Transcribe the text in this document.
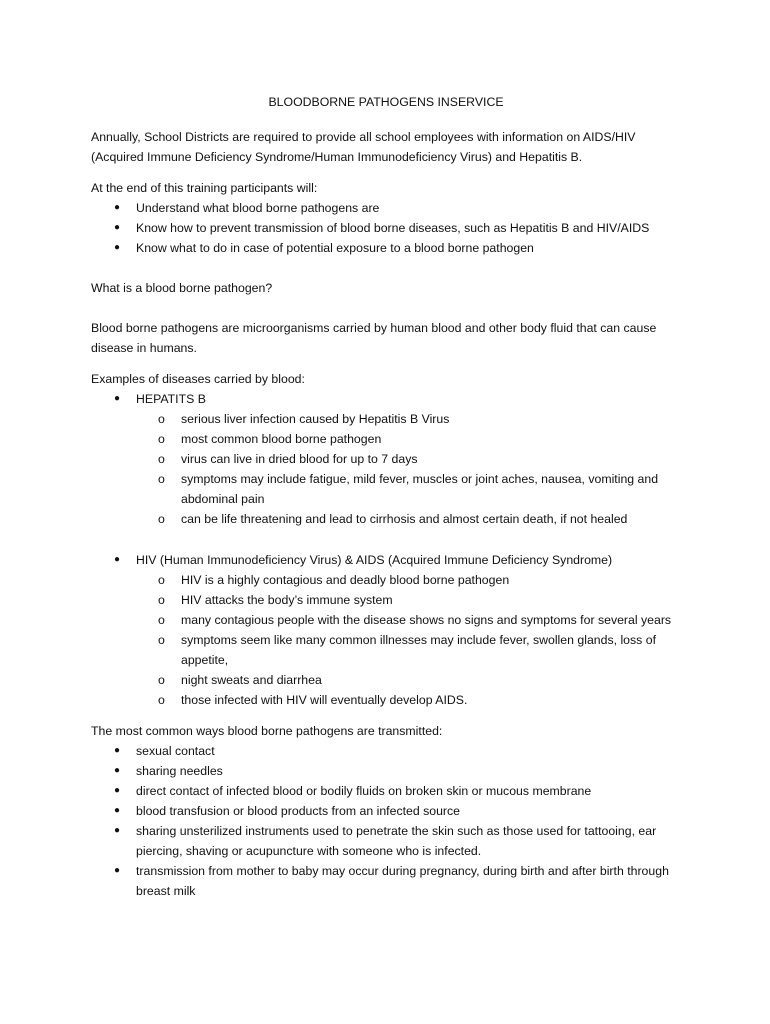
BLOODBORNE PATHOGENS INSERVICE

Annually, School Districts are required to provide all school employees with information on AIDS/HIV (Acquired Immune Deficiency Syndrome/Human Immunodeficiency Virus) and Hepatitis B.

At the end of this training participants will:

● Understand what blood borne pathogens are
● Know how to prevent transmission of blood borne diseases, such as Hepatitis B and HIV/AIDS
● Know what to do in case of potential exposure to a blood borne pathogen

What is a blood borne pathogen?

Blood borne pathogens are microorganisms carried by human blood and other body fluid that can cause disease in humans.

Examples of diseases carried by blood:

● HEPATITS B
o serious liver infection caused by Hepatitis B Virus
o most common blood borne pathogen
o virus can live in dried blood for up to 7 days
o symptoms may include fatigue, mild fever, muscles or joint aches, nausea, vomiting and abdominal pain
o can be life threatening and lead to cirrhosis and almost certain death, if not healed
● HIV (Human Immunodeficiency Virus) & AIDS (Acquired Immune Deficiency Syndrome)
o HIV is a highly contagious and deadly blood borne pathogen
o HIV attacks the body’s immune system
o many contagious people with the disease shows no signs and symptoms for several years
o symptoms seem like many common illnesses may include fever, swollen glands, loss of appetite,
o night sweats and diarrhea
o those infected with HIV will eventually develop AIDS.

The most common ways blood borne pathogens are transmitted:

● sexual contact
● sharing needles
● direct contact of infected blood or bodily fluids on broken skin or mucous membrane
● blood transfusion or blood products from an infected source
● sharing unsterilized instruments used to penetrate the skin such as those used for tattooing, ear piercing, shaving or acupuncture with someone who is infected.
● transmission from mother to baby may occur during pregnancy, during birth and after birth through breast milk
